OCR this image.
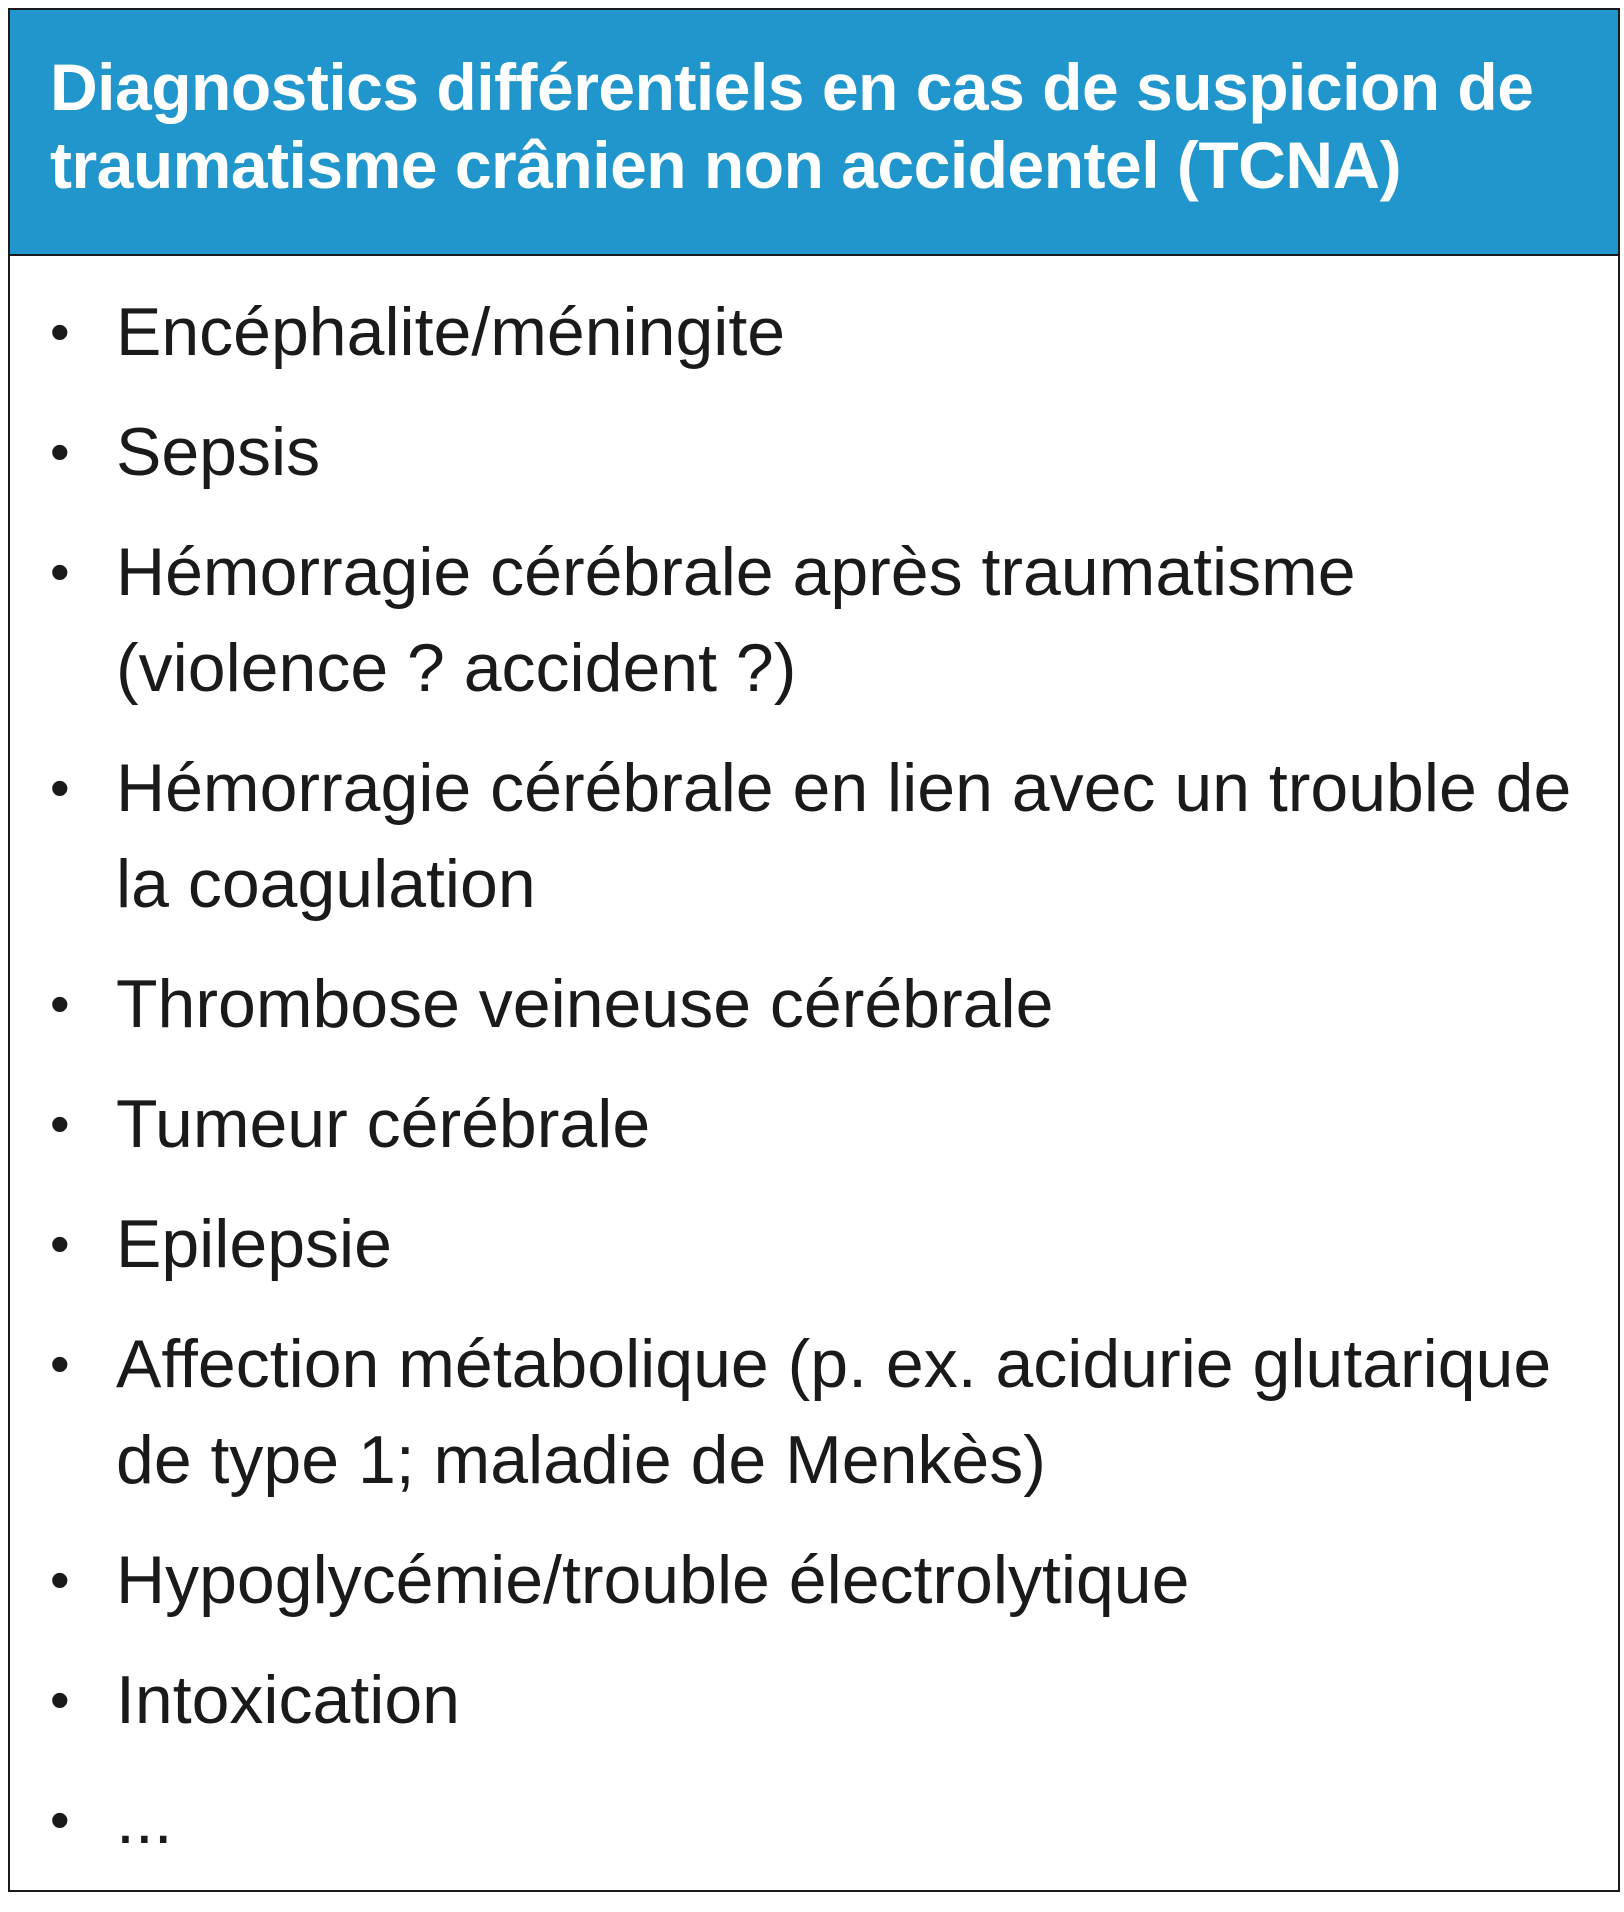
Diagnostics différentiels en cas de suspicion de traumatisme crânien non accidentel (TCNA)
• Encéphalite/méningite
• Sepsis
• Hémorragie cérébrale après traumatisme (violence ? accident ?)
• Hémorragie cérébrale en lien avec un trouble de la coagulation
• Thrombose veineuse cérébrale
• Tumeur cérébrale
• Epilepsie
• Affection métabolique (p. ex. acidurie glutarique de type 1; maladie de Menkès)
• Hypoglycémie/trouble électrolytique
• Intoxication
• ...
